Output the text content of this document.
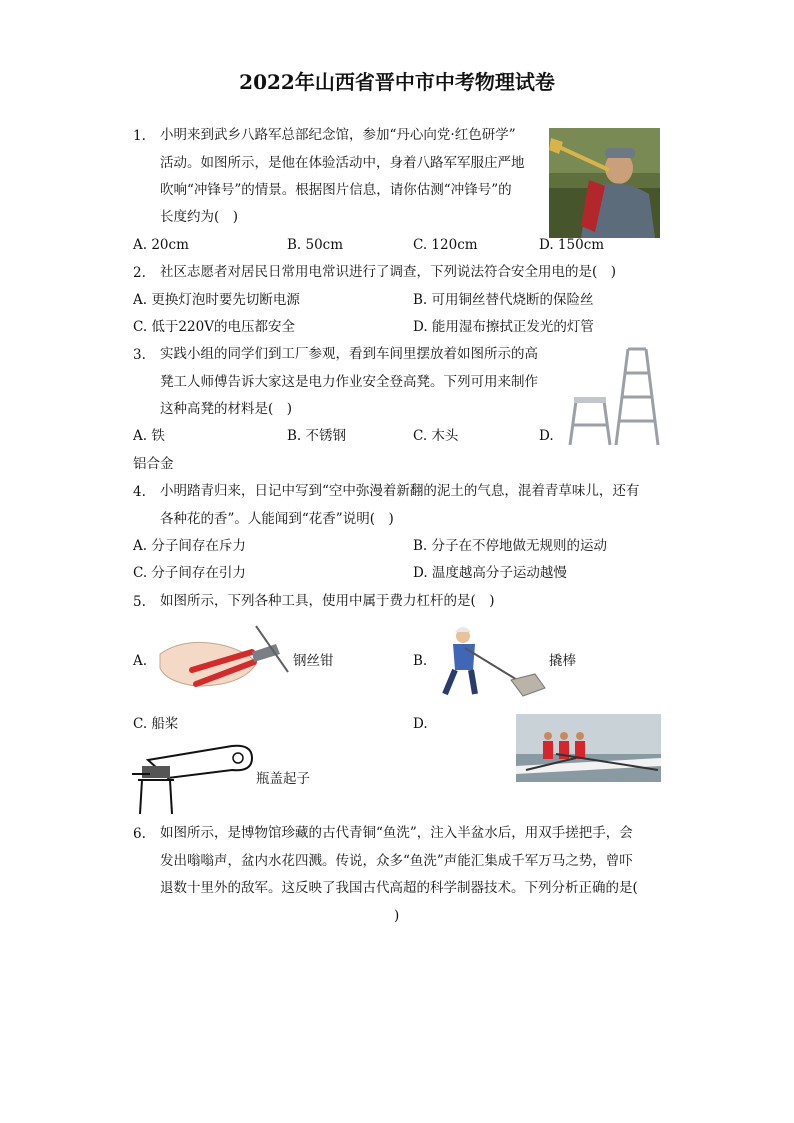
2022年山西省晋中市中考物理试卷
1. 小明来到武乡八路军总部纪念馆，参加“丹心向党·红色研学”
活动。如图所示，是他在体验活动中，身着八路军军服庄严地
吹响“冲锋号”的情景。根据图片信息，请你估测“冲锋号”的
长度约为(　)
A. 20cm	B. 50cm	C. 120cm	D. 150cm
2. 社区志愿者对居民日常用电常识进行了调查，下列说法符合安全用电的是(　)
A. 更换灯泡时要先切断电源	B. 可用铜丝替代烧断的保险丝
C. 低于220V的电压都安全	D. 能用湿布擦拭正发光的灯管
3. 实践小组的同学们到工厂参观，看到车间里摆放着如图所示的高
凳工人师傅告诉大家这是电力作业安全登高凳。下列可用来制作
这种高凳的材料是(　)
A. 铁	B. 不锈钢	C. 木头	D.
铝合金
4. 小明踏青归来，日记中写到“空中弥漫着新翻的泥土的气息，混着青草味儿，还有
各种花的香”。人能闻到“花香”说明(　)
A. 分子间存在斥力	B. 分子在不停地做无规则的运动
C. 分子间存在引力	D. 温度越高分子运动越慢
5. 如图所示，下列各种工具，使用中属于费力杠杆的是(　)
A.	钢丝钳	B.	撬棒
C. 船桨
瓶盖起子
D.
6. 如图所示，是博物馆珍藏的古代青铜“鱼洗”，注入半盆水后，用双手搓把手，会
发出嗡嗡声，盆内水花四溅。传说，众多“鱼洗”声能汇集成千军万马之势，曾吓
退数十里外的敌军。这反映了我国古代高超的科学制器技术。下列分析正确的是(
)
